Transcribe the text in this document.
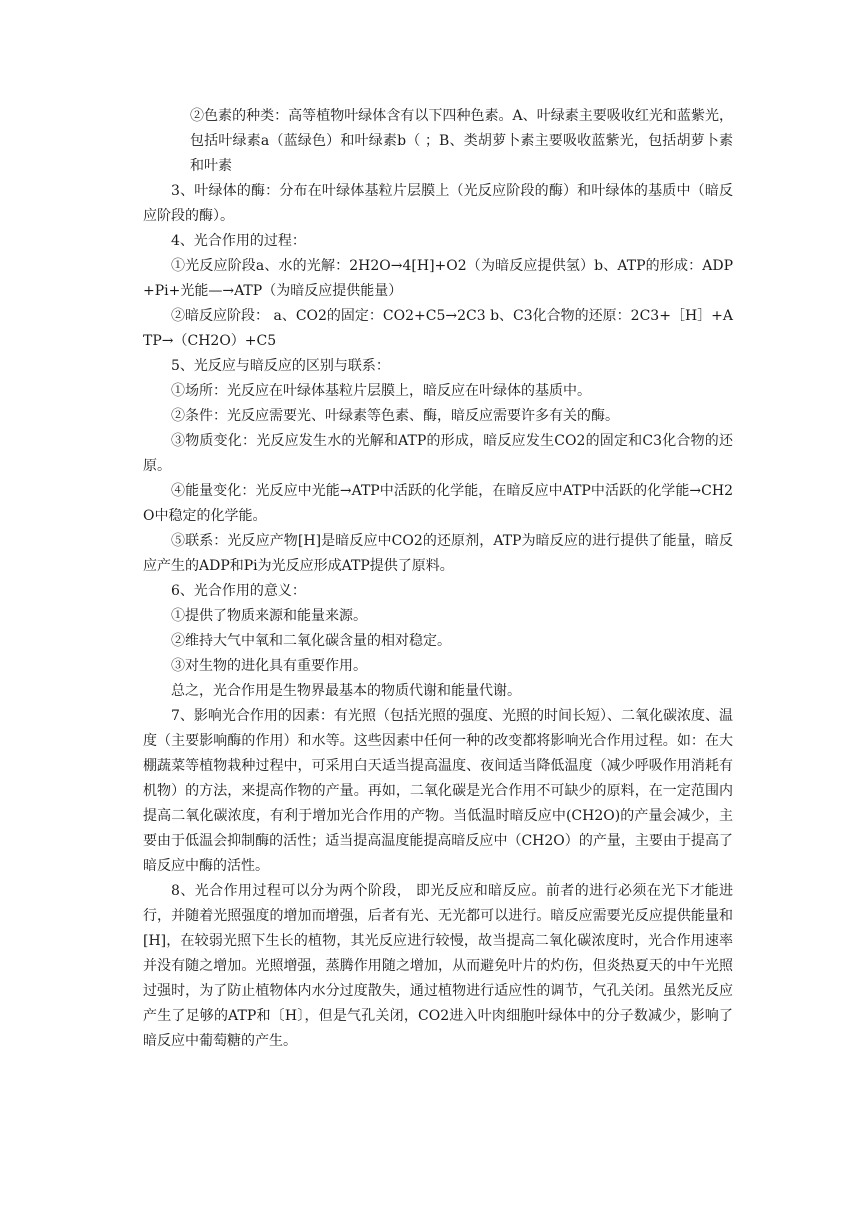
②色素的种类：高等植物叶绿体含有以下四种色素。A、叶绿素主要吸收红光和蓝紫光，包括叶绿素a（蓝绿色）和叶绿素b（ ；B、类胡萝卜素主要吸收蓝紫光，包括胡萝卜素和叶素

3、叶绿体的酶：分布在叶绿体基粒片层膜上（光反应阶段的酶）和叶绿体的基质中（暗反应阶段的酶）。

4、光合作用的过程：

①光反应阶段a、水的光解：2H2O→4[H]+O2（为暗反应提供氢）b、ATP的形成：ADP+Pi+光能—→ATP（为暗反应提供能量）

②暗反应阶段： a、CO2的固定：CO2+C5→2C3 b、C3化合物的还原：2C3+［H］+ATP→（CH2O）+C5

5、光反应与暗反应的区别与联系：

①场所：光反应在叶绿体基粒片层膜上，暗反应在叶绿体的基质中。

②条件：光反应需要光、叶绿素等色素、酶，暗反应需要许多有关的酶。

③物质变化：光反应发生水的光解和ATP的形成，暗反应发生CO2的固定和C3化合物的还原。

④能量变化：光反应中光能→ATP中活跃的化学能，在暗反应中ATP中活跃的化学能→CH2O中稳定的化学能。

⑤联系：光反应产物[H]是暗反应中CO2的还原剂，ATP为暗反应的进行提供了能量，暗反应产生的ADP和Pi为光反应形成ATP提供了原料。

6、光合作用的意义：

①提供了物质来源和能量来源。

②维持大气中氧和二氧化碳含量的相对稳定。

③对生物的进化具有重要作用。

总之，光合作用是生物界最基本的物质代谢和能量代谢。

7、影响光合作用的因素：有光照（包括光照的强度、光照的时间长短）、二氧化碳浓度、温度（主要影响酶的作用）和水等。这些因素中任何一种的改变都将影响光合作用过程。如：在大棚蔬菜等植物栽种过程中，可采用白天适当提高温度、夜间适当降低温度（减少呼吸作用消耗有机物）的方法，来提高作物的产量。再如，二氧化碳是光合作用不可缺少的原料，在一定范围内提高二氧化碳浓度，有利于增加光合作用的产物。当低温时暗反应中(CH2O)的产量会减少，主要由于低温会抑制酶的活性；适当提高温度能提高暗反应中（CH2O）的产量，主要由于提高了暗反应中酶的活性。

8、光合作用过程可以分为两个阶段， 即光反应和暗反应。前者的进行必须在光下才能进行，并随着光照强度的增加而增强，后者有光、无光都可以进行。暗反应需要光反应提供能量和[H]，在较弱光照下生长的植物，其光反应进行较慢，故当提高二氧化碳浓度时，光合作用速率并没有随之增加。光照增强，蒸腾作用随之增加，从而避免叶片的灼伤，但炎热夏天的中午光照过强时，为了防止植物体内水分过度散失，通过植物进行适应性的调节，气孔关闭。虽然光反应产生了足够的ATP和〔H〕，但是气孔关闭，CO2进入叶肉细胞叶绿体中的分子数减少，影响了暗反应中葡萄糖的产生。
